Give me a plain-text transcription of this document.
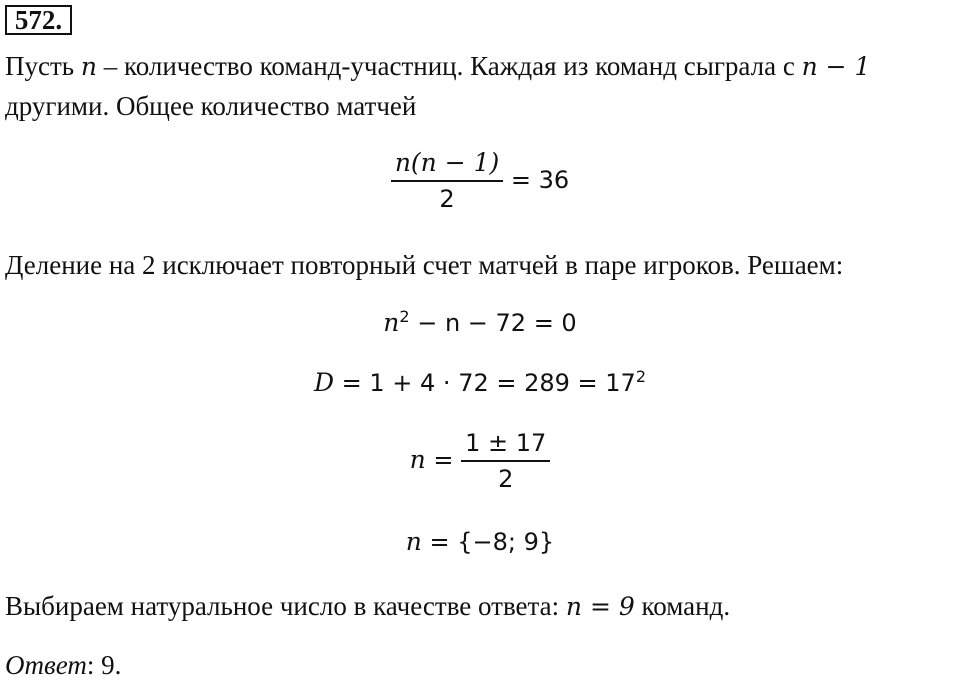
572.
Пусть n – количество команд-участниц. Каждая из команд сыграла с n − 1
другими. Общее количество матчей
$\frac{n(n - 1)}{2} = 36$
Деление на 2 исключает повторный счет матчей в паре игроков. Решаем:
$n^2 - n - 72 = 0$
$D = 1 + 4 \cdot 72 = 289 = 17^2$
$n = \frac{1 \pm 17}{2}$
n = {−8; 9}
Выбираем натуральное число в качестве ответа: n = 9 команд.
Ответ: 9.
